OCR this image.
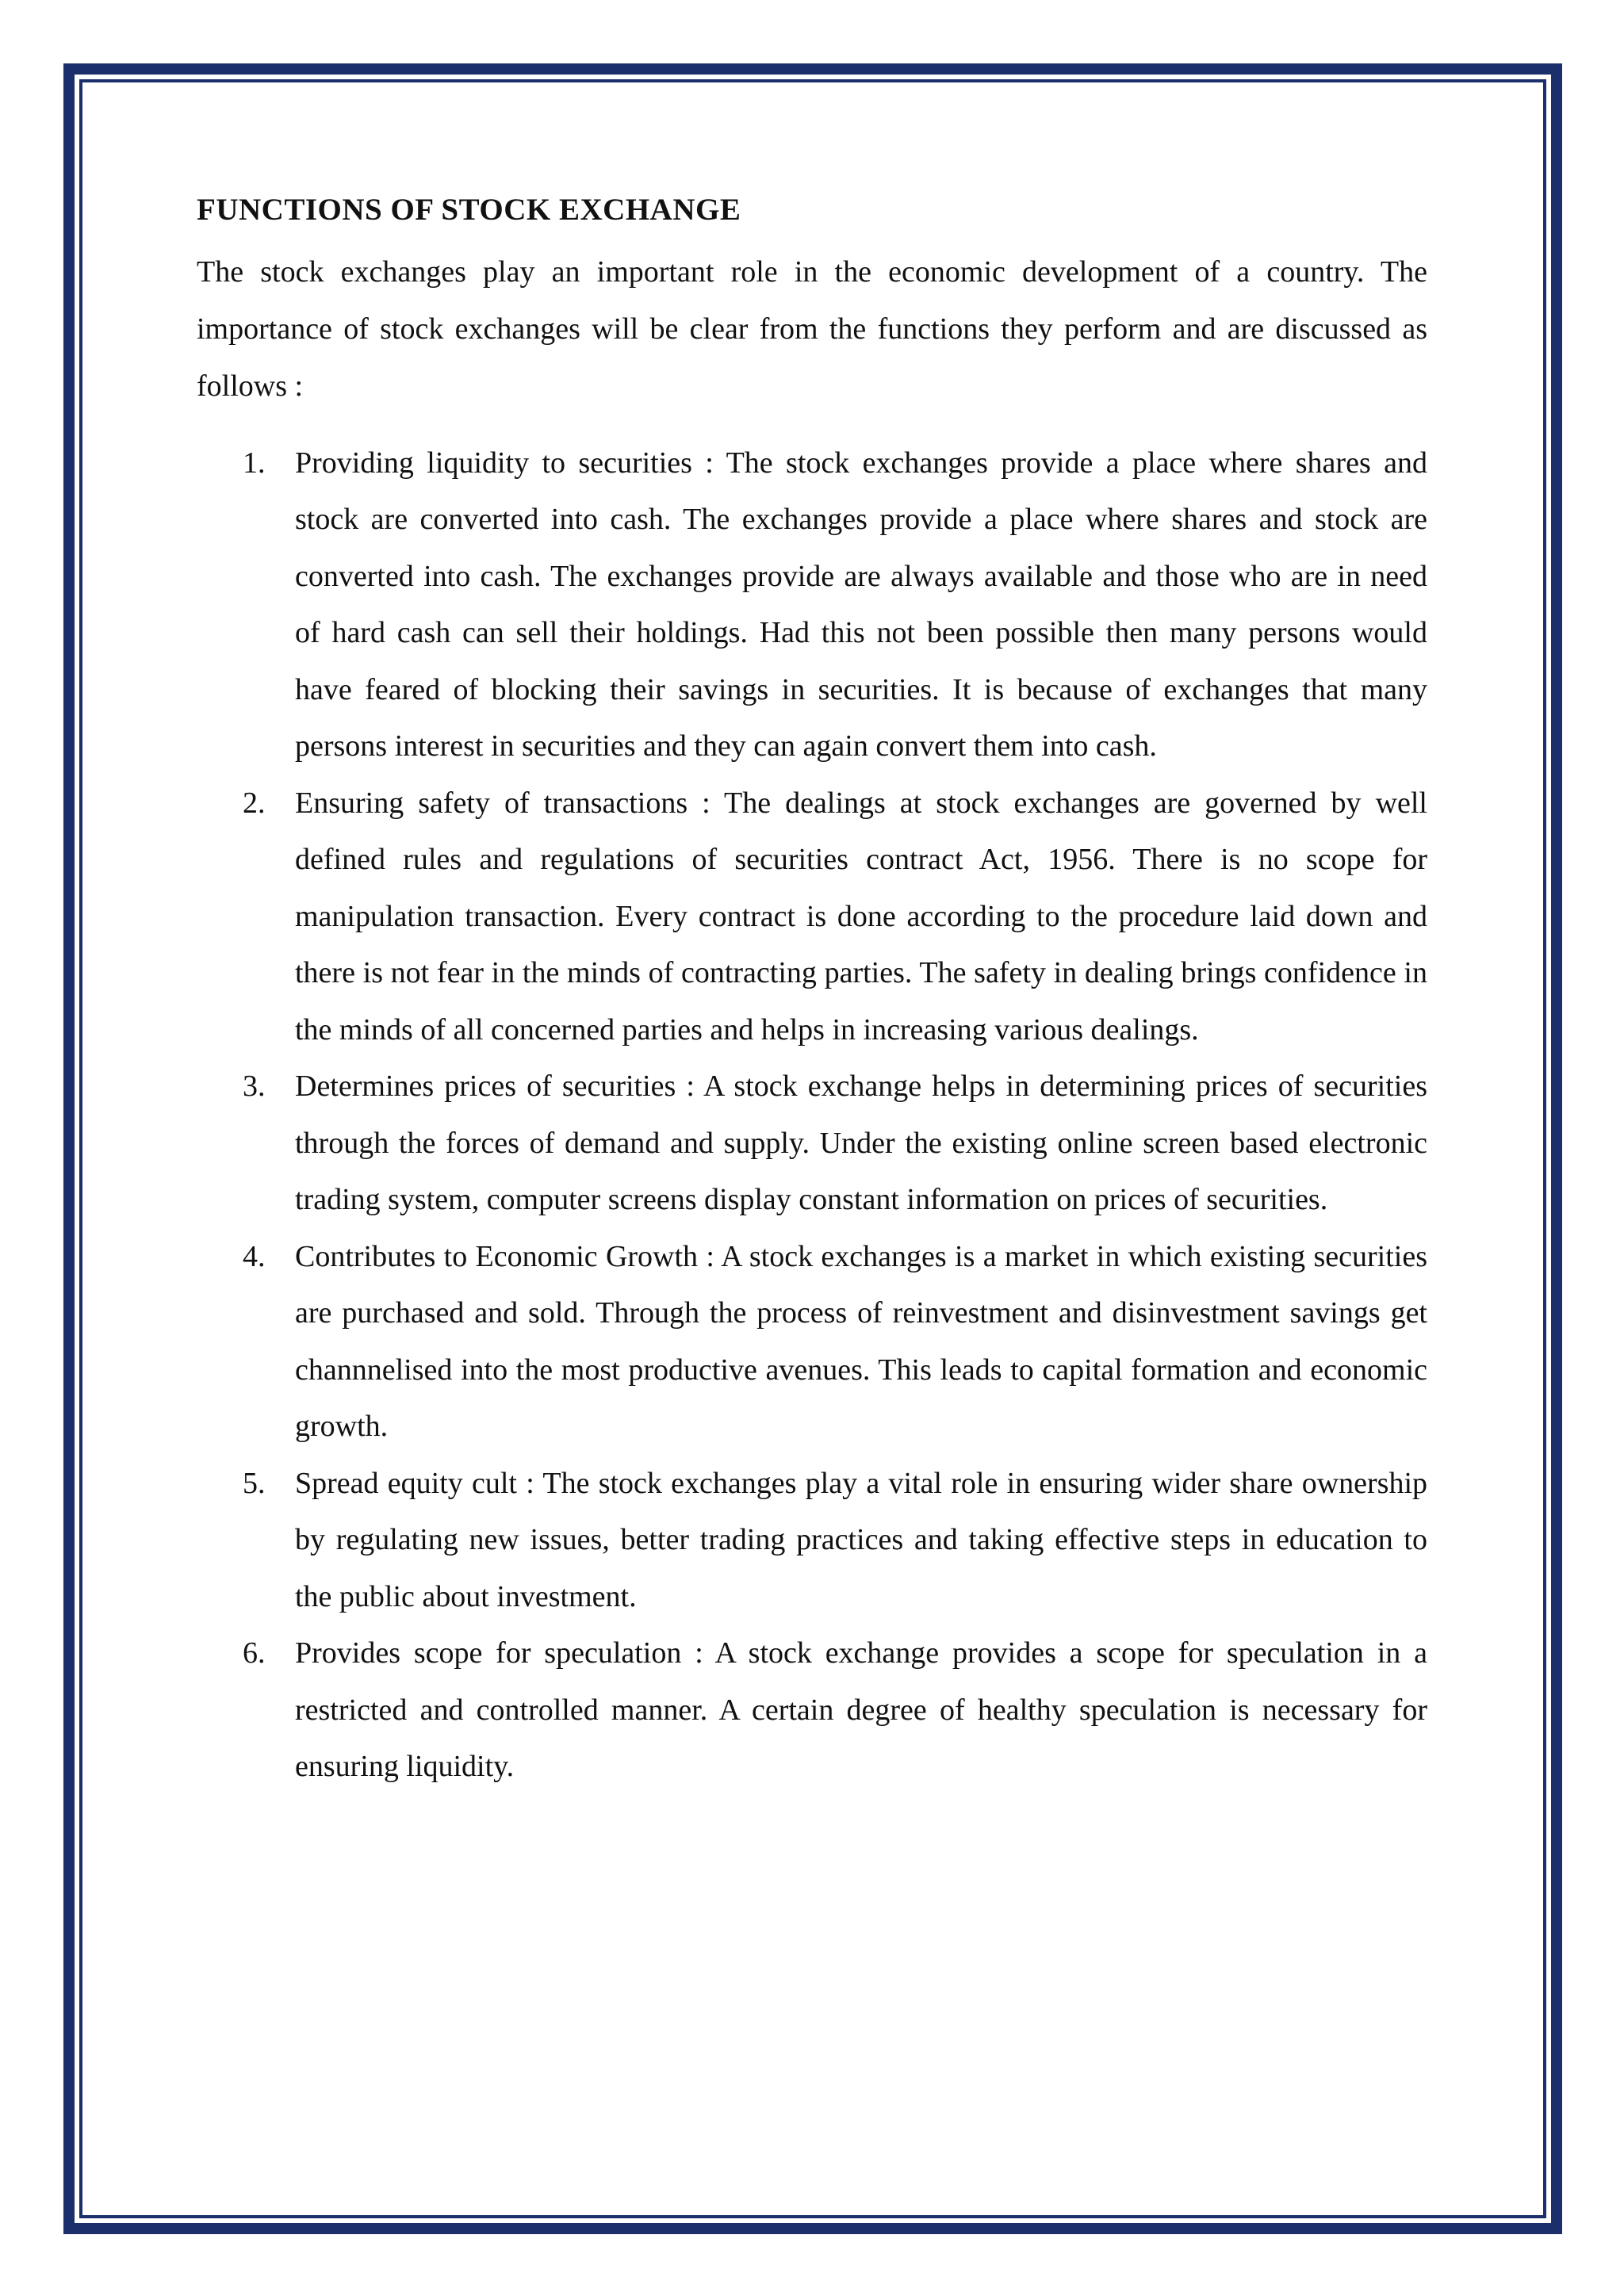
FUNCTIONS OF STOCK EXCHANGE

The stock exchanges play an important role in the economic development of a country. The importance of stock exchanges will be clear from the functions they perform and are discussed as follows :

1. Providing liquidity to securities : The stock exchanges provide a place where shares and stock are converted into cash. The exchanges provide a place where shares and stock are converted into cash. The exchanges provide are always available and those who are in need of hard cash can sell their holdings. Had this not been possible then many persons would have feared of blocking their savings in securities. It is because of exchanges that many persons interest in securities and they can again convert them into cash.
2. Ensuring safety of transactions : The dealings at stock exchanges are governed by well defined rules and regulations of securities contract Act, 1956. There is no scope for manipulation transaction. Every contract is done according to the procedure laid down and there is not fear in the minds of contracting parties. The safety in dealing brings confidence in the minds of all concerned parties and helps in increasing various dealings.
3. Determines prices of securities : A stock exchange helps in determining prices of securities through the forces of demand and supply. Under the existing online screen based electronic trading system, computer screens display constant information on prices of securities.
4. Contributes to Economic Growth : A stock exchanges is a market in which existing securities are purchased and sold. Through the process of reinvestment and disinvestment savings get channnelised into the most productive avenues. This leads to capital formation and economic growth.
5. Spread equity cult : The stock exchanges play a vital role in ensuring wider share ownership by regulating new issues, better trading practices and taking effective steps in education to the public about investment.
6. Provides scope for speculation : A stock exchange provides a scope for speculation in a restricted and controlled manner. A certain degree of healthy speculation is necessary for ensuring liquidity.
